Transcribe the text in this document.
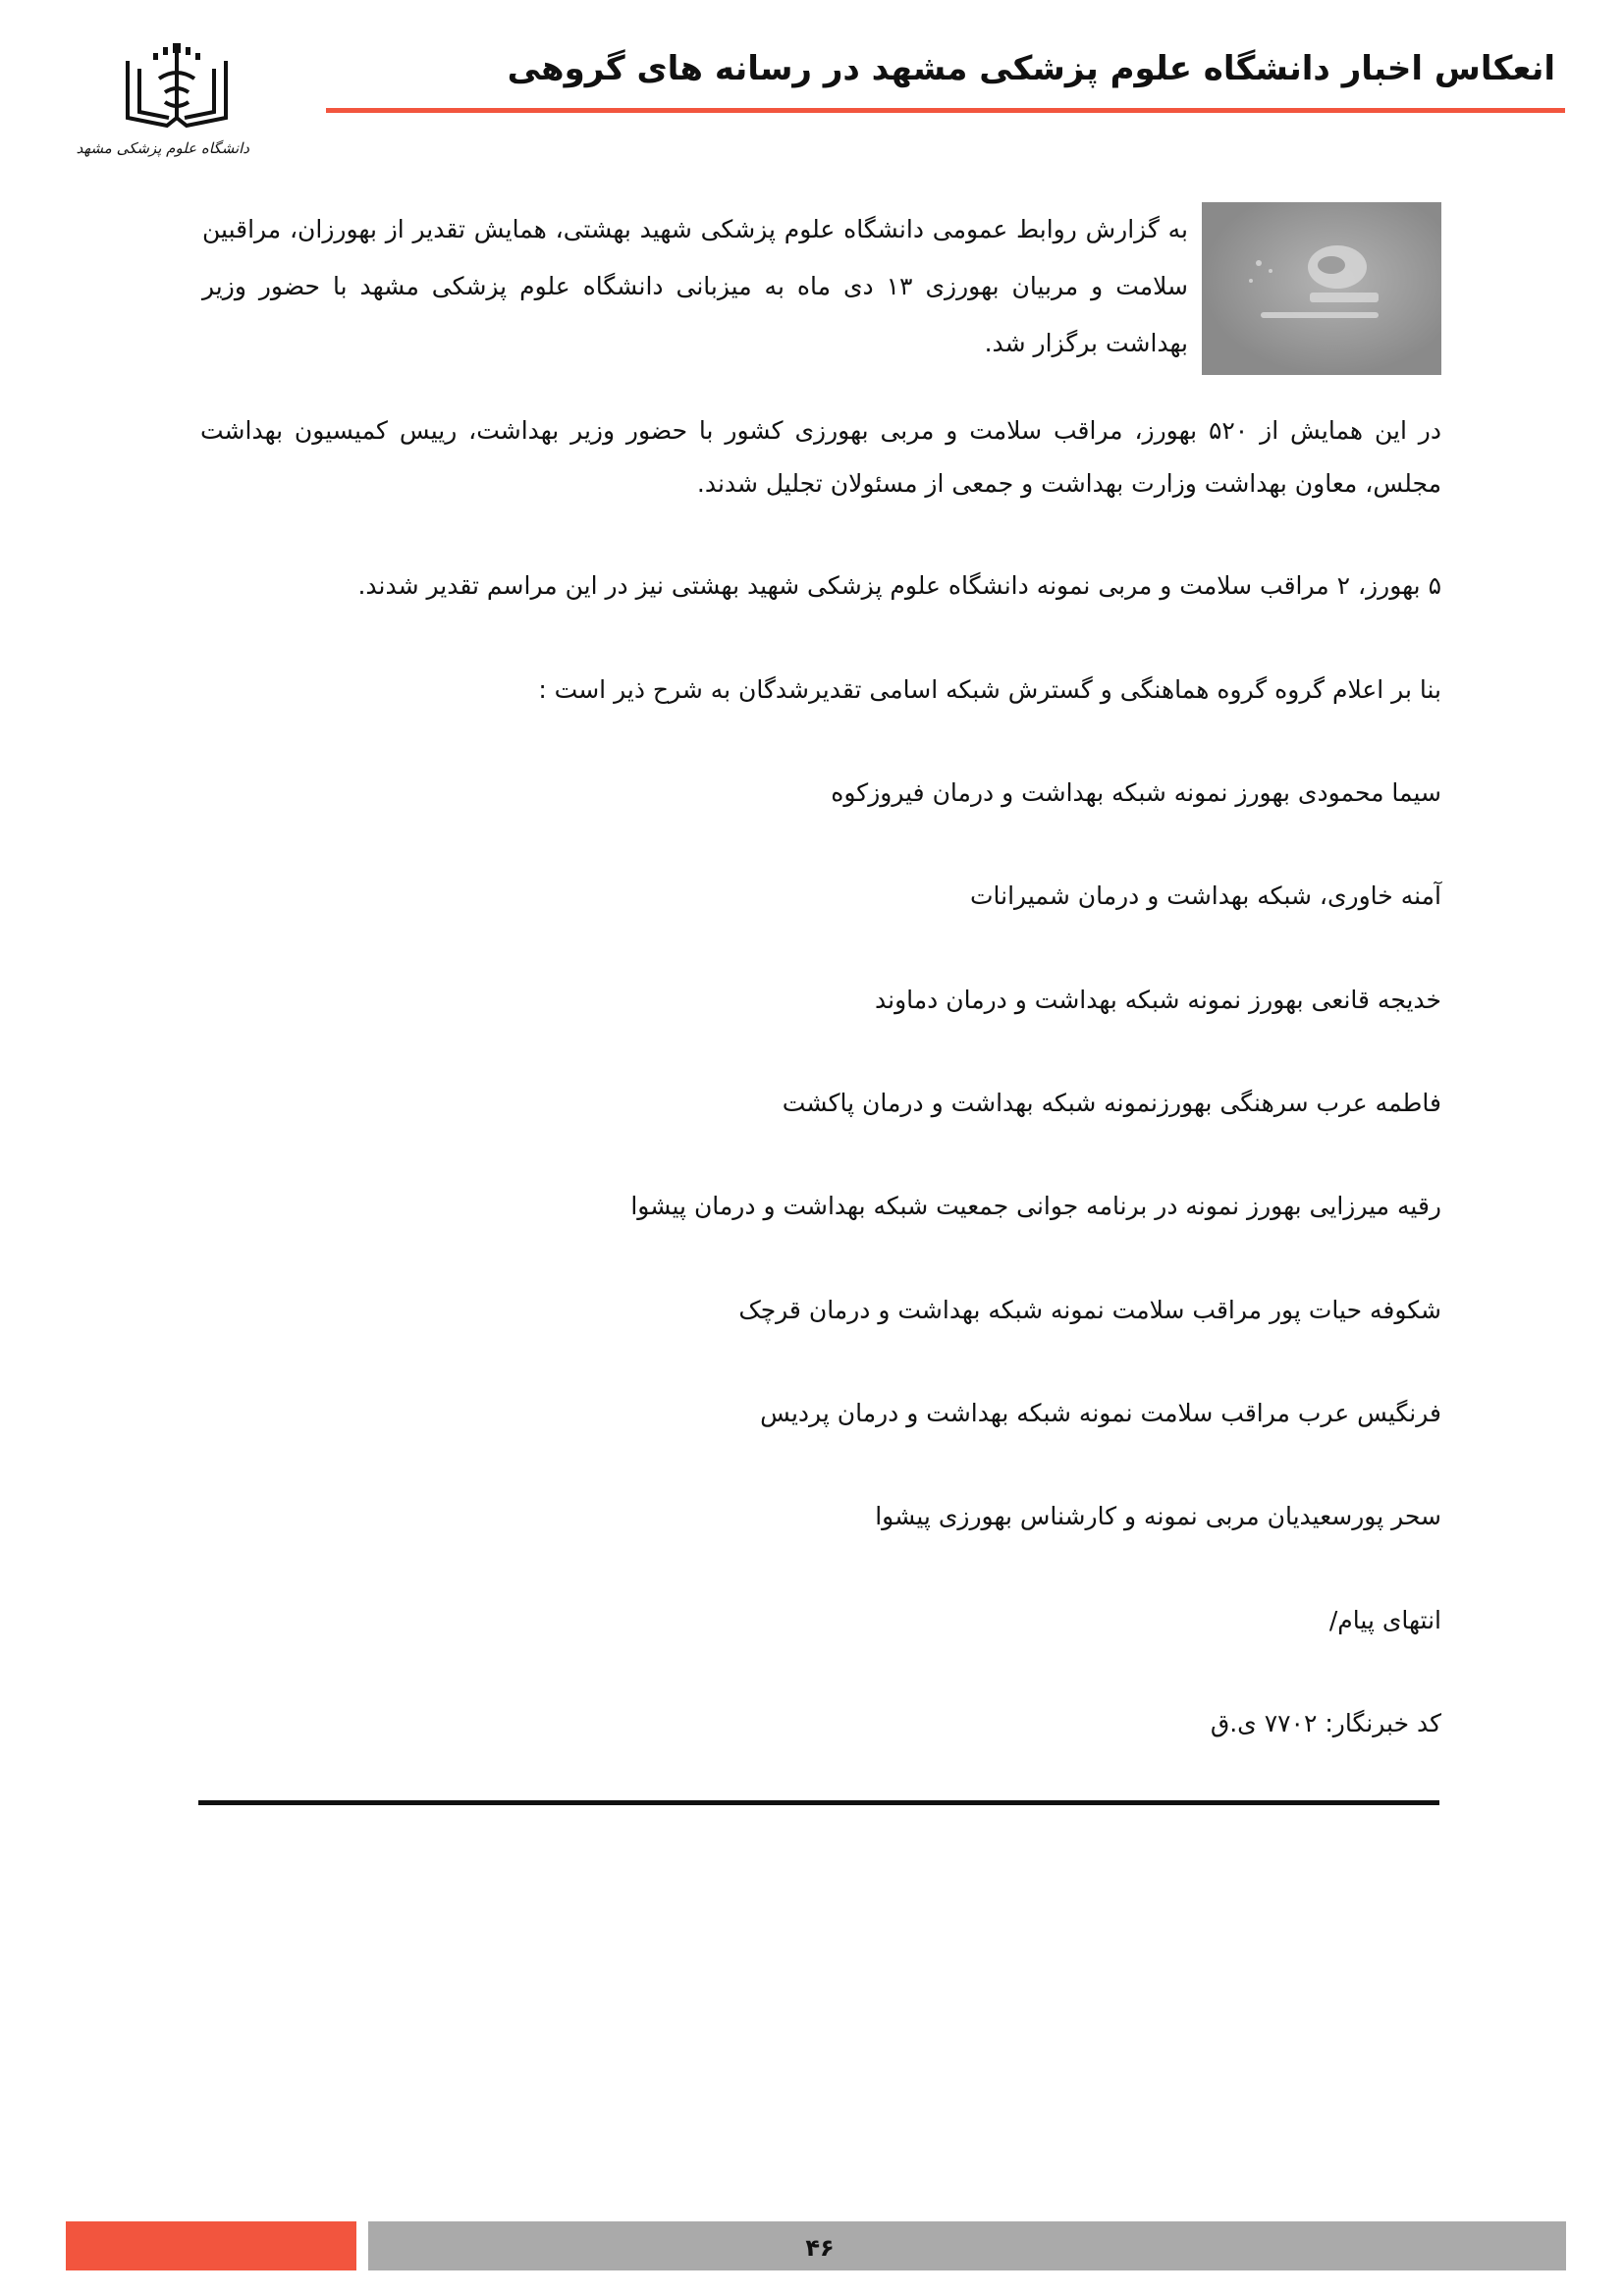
دانشگاه علوم پزشکی مشهد
انعکاس اخبار دانشگاه علوم پزشکی مشهد در رسانه های گروهی

به گزارش روابط عمومی دانشگاه علوم پزشکی شهید بهشتی، همایش تقدیر از بهورزان، مراقبین سلامت و مربیان بهورزی ۱۳ دی ماه به میزبانی دانشگاه علوم پزشکی مشهد با حضور وزیر بهداشت برگزار شد.

در این همایش از ۵۲۰ بهورز، مراقب سلامت و مربی بهورزی کشور با حضور وزیر بهداشت، رییس کمیسیون بهداشت مجلس، معاون بهداشت وزارت بهداشت و جمعی از مسئولان تجلیل شدند.

۵ بهورز، ۲ مراقب سلامت و مربی نمونه دانشگاه علوم پزشکی شهید بهشتی نیز در این مراسم تقدیر شدند.

بنا بر اعلام گروه گروه هماهنگی و گسترش شبکه اسامی تقدیرشدگان به شرح ذیر است :

سیما محمودی بهورز نمونه شبکه بهداشت و درمان فیروزکوه

آمنه خاوری، شبکه بهداشت و درمان شمیرانات

خدیجه قانعی بهورز نمونه شبکه بهداشت و درمان دماوند

فاطمه عرب سرهنگی بهورزنمونه شبکه بهداشت و درمان پاکشت

رقیه میرزایی بهورز نمونه در برنامه جوانی جمعیت شبکه بهداشت و درمان پیشوا

شکوفه حیات پور مراقب سلامت نمونه شبکه بهداشت و درمان قرچک

فرنگیس عرب مراقب سلامت نمونه شبکه بهداشت و درمان پردیس

سحر پورسعیدیان مربی نمونه و کارشناس بهورزی پیشوا

انتهای پیام/

کد خبرنگار: ۷۷۰۲ ی.ق

۴۶
